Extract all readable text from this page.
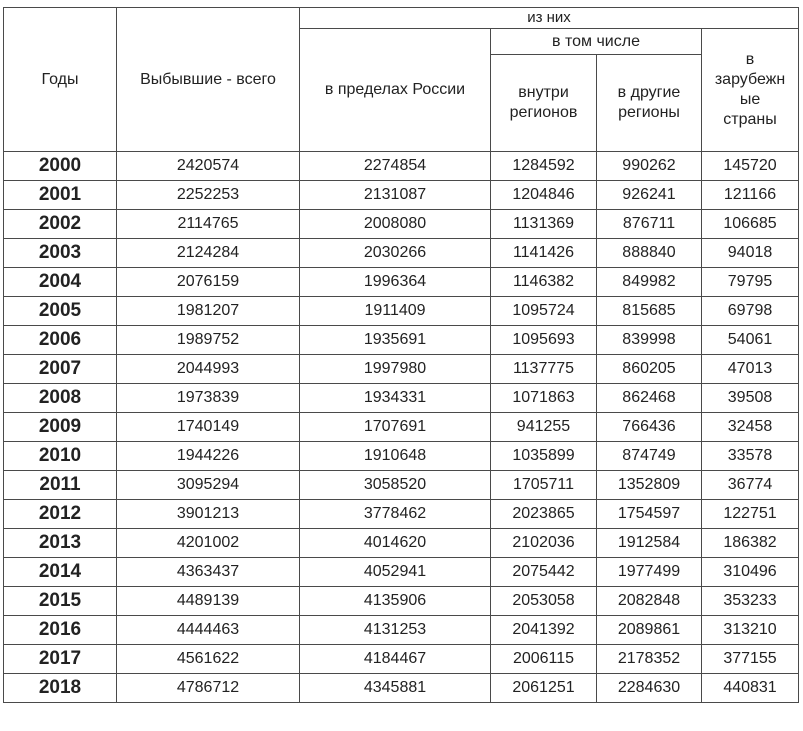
Годы	Выбывшие - всего	из них			
		в пределах России	в том числе		в
зарубежн
ые
страны
			внутри
регионов	в другие
регионы	
2000	2420574	2274854	1284592	990262	145720
2001	2252253	2131087	1204846	926241	121166
2002	2114765	2008080	1131369	876711	106685
2003	2124284	2030266	1141426	888840	94018
2004	2076159	1996364	1146382	849982	79795
2005	1981207	1911409	1095724	815685	69798
2006	1989752	1935691	1095693	839998	54061
2007	2044993	1997980	1137775	860205	47013
2008	1973839	1934331	1071863	862468	39508
2009	1740149	1707691	941255	766436	32458
2010	1944226	1910648	1035899	874749	33578
2011	3095294	3058520	1705711	1352809	36774
2012	3901213	3778462	2023865	1754597	122751
2013	4201002	4014620	2102036	1912584	186382
2014	4363437	4052941	2075442	1977499	310496
2015	4489139	4135906	2053058	2082848	353233
2016	4444463	4131253	2041392	2089861	313210
2017	4561622	4184467	2006115	2178352	377155
2018	4786712	4345881	2061251	2284630	440831
